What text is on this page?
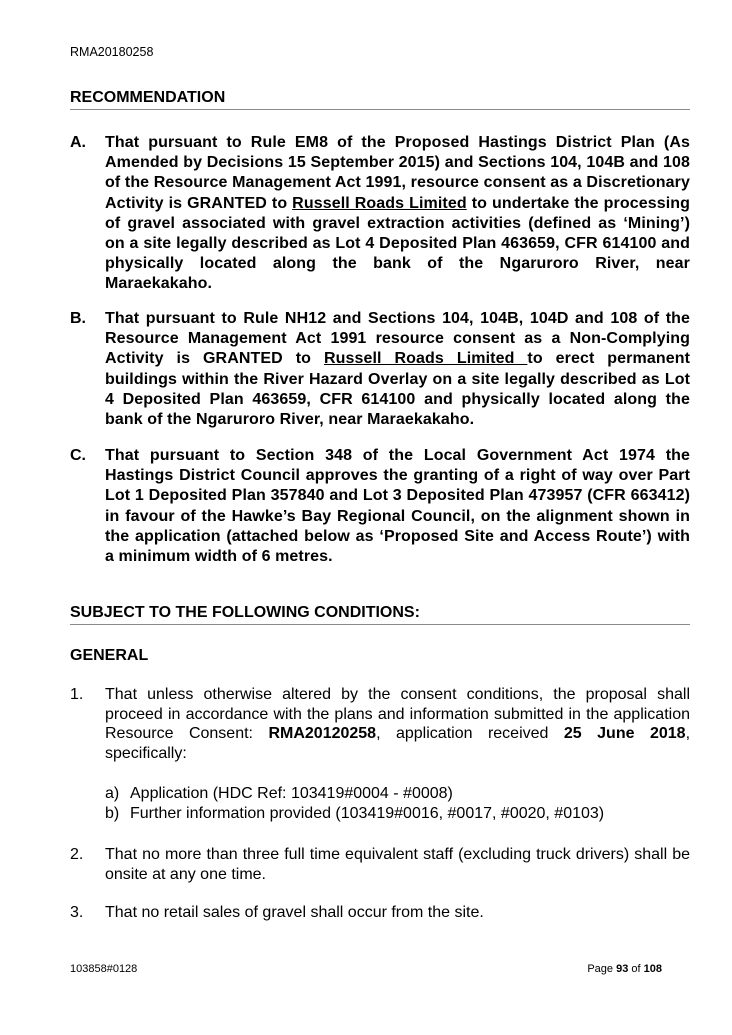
RMA20180258
RECOMMENDATION
A. That pursuant to Rule EM8 of the Proposed Hastings District Plan (As Amended by Decisions 15 September 2015) and Sections 104, 104B and 108 of the Resource Management Act 1991, resource consent as a Discretionary Activity is GRANTED to Russell Roads Limited to undertake the processing of gravel associated with gravel extraction activities (defined as ‘Mining’) on a site legally described as Lot 4 Deposited Plan 463659, CFR 614100 and physically located along the bank of the Ngaruroro River, near Maraekakaho.
B. That pursuant to Rule NH12 and Sections 104, 104B, 104D and 108 of the Resource Management Act 1991 resource consent as a Non-Complying Activity is GRANTED to Russell Roads Limited to erect permanent buildings within the River Hazard Overlay on a site legally described as Lot 4 Deposited Plan 463659, CFR 614100 and physically located along the bank of the Ngaruroro River, near Maraekakaho.
C. That pursuant to Section 348 of the Local Government Act 1974 the Hastings District Council approves the granting of a right of way over Part Lot 1 Deposited Plan 357840 and Lot 3 Deposited Plan 473957 (CFR 663412) in favour of the Hawke’s Bay Regional Council, on the alignment shown in the application (attached below as ‘Proposed Site and Access Route’) with a minimum width of 6 metres.
SUBJECT TO THE FOLLOWING CONDITIONS:
GENERAL
1. That unless otherwise altered by the consent conditions, the proposal shall proceed in accordance with the plans and information submitted in the application Resource Consent: RMA20120258, application received 25 June 2018, specifically:
a) Application (HDC Ref: 103419#0004 - #0008)
b) Further information provided (103419#0016, #0017, #0020, #0103)
2. That no more than three full time equivalent staff (excluding truck drivers) shall be onsite at any one time.
3. That no retail sales of gravel shall occur from the site.
103858#0128	Page 93 of 108
